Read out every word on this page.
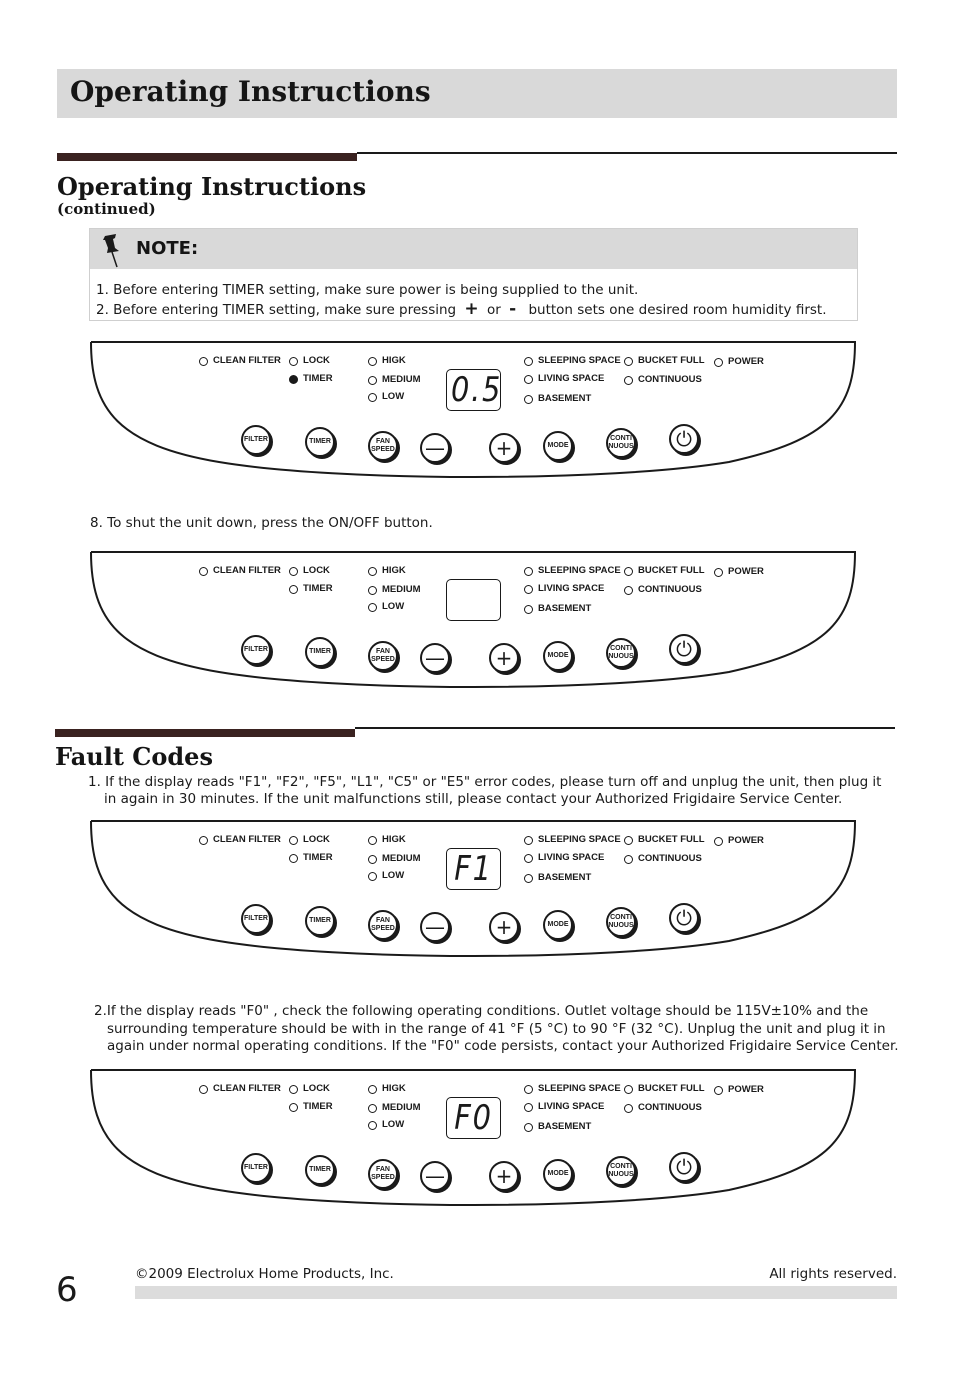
Operating Instructions
Operating Instructions
(continued)
NOTE:
1. Before entering TIMER setting, make sure power is being supplied to the unit.
2. Before entering TIMER setting, make sure pressing + or - button sets one desired room humidity first.
CLEAN FILTER LOCK
TIMER
HIGK
MEDIUM
LOW
SLEEPING SPACE
LIVING SPACE
BASEMENT
BUCKET FULL
CONTINUOUS
POWER
0.5
FILTER	TIMER	FAN
SPEED —	+	MODE
CONTI
NUOUS ⏻
8. To shut the unit down, press the ON/OFF button.
CLEAN FILTER LOCK
TIMER
HIGK
MEDIUM
LOW
SLEEPING SPACE
LIVING SPACE
BASEMENT
BUCKET FULL
CONTINUOUS
POWER
FILTER	TIMER	FAN
SPEED —	+	MODE
CONTI
NUOUS ⏻
Fault Codes
1. If the display reads "F1", "F2", "F5", "L1", "C5" or "E5" error codes, please turn off and unplug the unit, then plug it
in again in 30 minutes. If the unit malfunctions still, please contact your Authorized Frigidaire Service Center.
CLEAN FILTER LOCK
TIMER
HIGK
MEDIUM
LOW
SLEEPING SPACE
LIVING SPACE
BASEMENT
BUCKET FULL
CONTINUOUS
POWER
F1
FILTER	TIMER	FAN
SPEED —	+	MODE
CONTI
NUOUS ⏻
2.If the display reads "F0" , check the following operating conditions. Outlet voltage should be 115V±10% and the
surrounding temperature should be with in the range of 41 °F (5 °C) to 90 °F (32 °C). Unplug the unit and plug it in
again under normal operating conditions. If the "F0" code persists, contact your Authorized Frigidaire Service Center.
CLEAN FILTER LOCK
TIMER
HIGK
MEDIUM
LOW
SLEEPING SPACE
LIVING SPACE
BASEMENT
BUCKET FULL
CONTINUOUS
POWER
F0
FILTER	TIMER	FAN
SPEED —	+	MODE
CONTI
NUOUS ⏻
6	©2009 Electrolux Home Products, Inc.	All rights reserved.
